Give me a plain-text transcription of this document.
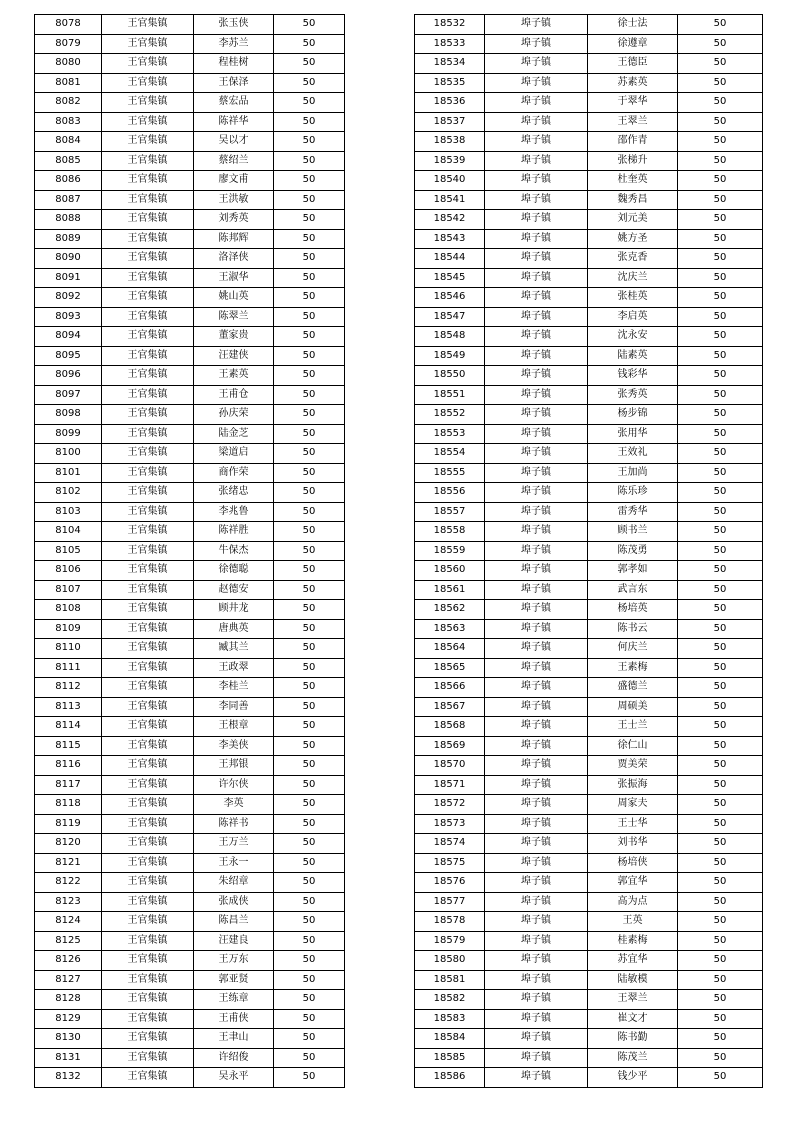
8078	王官集镇	张玉侠	50
8079	王官集镇	李苏兰	50
8080	王官集镇	程桂树	50
8081	王官集镇	王保泽	50
8082	王官集镇	蔡宏品	50
8083	王官集镇	陈祥华	50
8084	王官集镇	吴以才	50
8085	王官集镇	蔡绍兰	50
8086	王官集镇	廖文甫	50
8087	王官集镇	王洪敏	50
8088	王官集镇	刘秀英	50
8089	王官集镇	陈邦辉	50
8090	王官集镇	洛泽侠	50
8091	王官集镇	王淑华	50
8092	王官集镇	姚山英	50
8093	王官集镇	陈翠兰	50
8094	王官集镇	董家贵	50
8095	王官集镇	汪建侠	50
8096	王官集镇	王素英	50
8097	王官集镇	王甫仓	50
8098	王官集镇	孙庆荣	50
8099	王官集镇	陆金芝	50
8100	王官集镇	梁道启	50
8101	王官集镇	商作荣	50
8102	王官集镇	张绪忠	50
8103	王官集镇	李兆鲁	50
8104	王官集镇	陈祥胜	50
8105	王官集镇	牛保杰	50
8106	王官集镇	徐德聪	50
8107	王官集镇	赵德安	50
8108	王官集镇	顾井龙	50
8109	王官集镇	唐典英	50
8110	王官集镇	臧其兰	50
8111	王官集镇	王政翠	50
8112	王官集镇	李桂兰	50
8113	王官集镇	李同善	50
8114	王官集镇	王根章	50
8115	王官集镇	李美侠	50
8116	王官集镇	王邦银	50
8117	王官集镇	许尔侠	50
8118	王官集镇	李英	50
8119	王官集镇	陈祥书	50
8120	王官集镇	王万兰	50
8121	王官集镇	王永一	50
8122	王官集镇	朱绍章	50
8123	王官集镇	张成侠	50
8124	王官集镇	陈昌兰	50
8125	王官集镇	汪建良	50
8126	王官集镇	王万东	50
8127	王官集镇	郭亚贤	50
8128	王官集镇	王练章	50
8129	王官集镇	王甫侠	50
8130	王官集镇	王聿山	50
8131	王官集镇	许绍俊	50
8132	王官集镇	吴永平	50
18532	埠子镇	徐士法	50
18533	埠子镇	徐遵章	50
18534	埠子镇	王德臣	50
18535	埠子镇	苏素英	50
18536	埠子镇	于翠华	50
18537	埠子镇	王翠兰	50
18538	埠子镇	邵作青	50
18539	埠子镇	张梯升	50
18540	埠子镇	杜奎英	50
18541	埠子镇	魏秀昌	50
18542	埠子镇	刘元美	50
18543	埠子镇	姚方圣	50
18544	埠子镇	张克香	50
18545	埠子镇	沈庆兰	50
18546	埠子镇	张桂英	50
18547	埠子镇	李启英	50
18548	埠子镇	沈永安	50
18549	埠子镇	陆素英	50
18550	埠子镇	钱彩华	50
18551	埠子镇	张秀英	50
18552	埠子镇	杨步锦	50
18553	埠子镇	张用华	50
18554	埠子镇	王效礼	50
18555	埠子镇	王加尚	50
18556	埠子镇	陈乐珍	50
18557	埠子镇	雷秀华	50
18558	埠子镇	顾书兰	50
18559	埠子镇	陈茂勇	50
18560	埠子镇	郭孝如	50
18561	埠子镇	武言东	50
18562	埠子镇	杨培英	50
18563	埠子镇	陈书云	50
18564	埠子镇	何庆兰	50
18565	埠子镇	王素梅	50
18566	埠子镇	盛德兰	50
18567	埠子镇	周硕美	50
18568	埠子镇	王士兰	50
18569	埠子镇	徐仁山	50
18570	埠子镇	贾美荣	50
18571	埠子镇	张振海	50
18572	埠子镇	周家夫	50
18573	埠子镇	王士华	50
18574	埠子镇	刘书华	50
18575	埠子镇	杨培侠	50
18576	埠子镇	郭宜华	50
18577	埠子镇	高为点	50
18578	埠子镇	王英	50
18579	埠子镇	桂素梅	50
18580	埠子镇	苏宜华	50
18581	埠子镇	陆敏模	50
18582	埠子镇	王翠兰	50
18583	埠子镇	崔文才	50
18584	埠子镇	陈书勤	50
18585	埠子镇	陈茂兰	50
18586	埠子镇	钱少平	50
